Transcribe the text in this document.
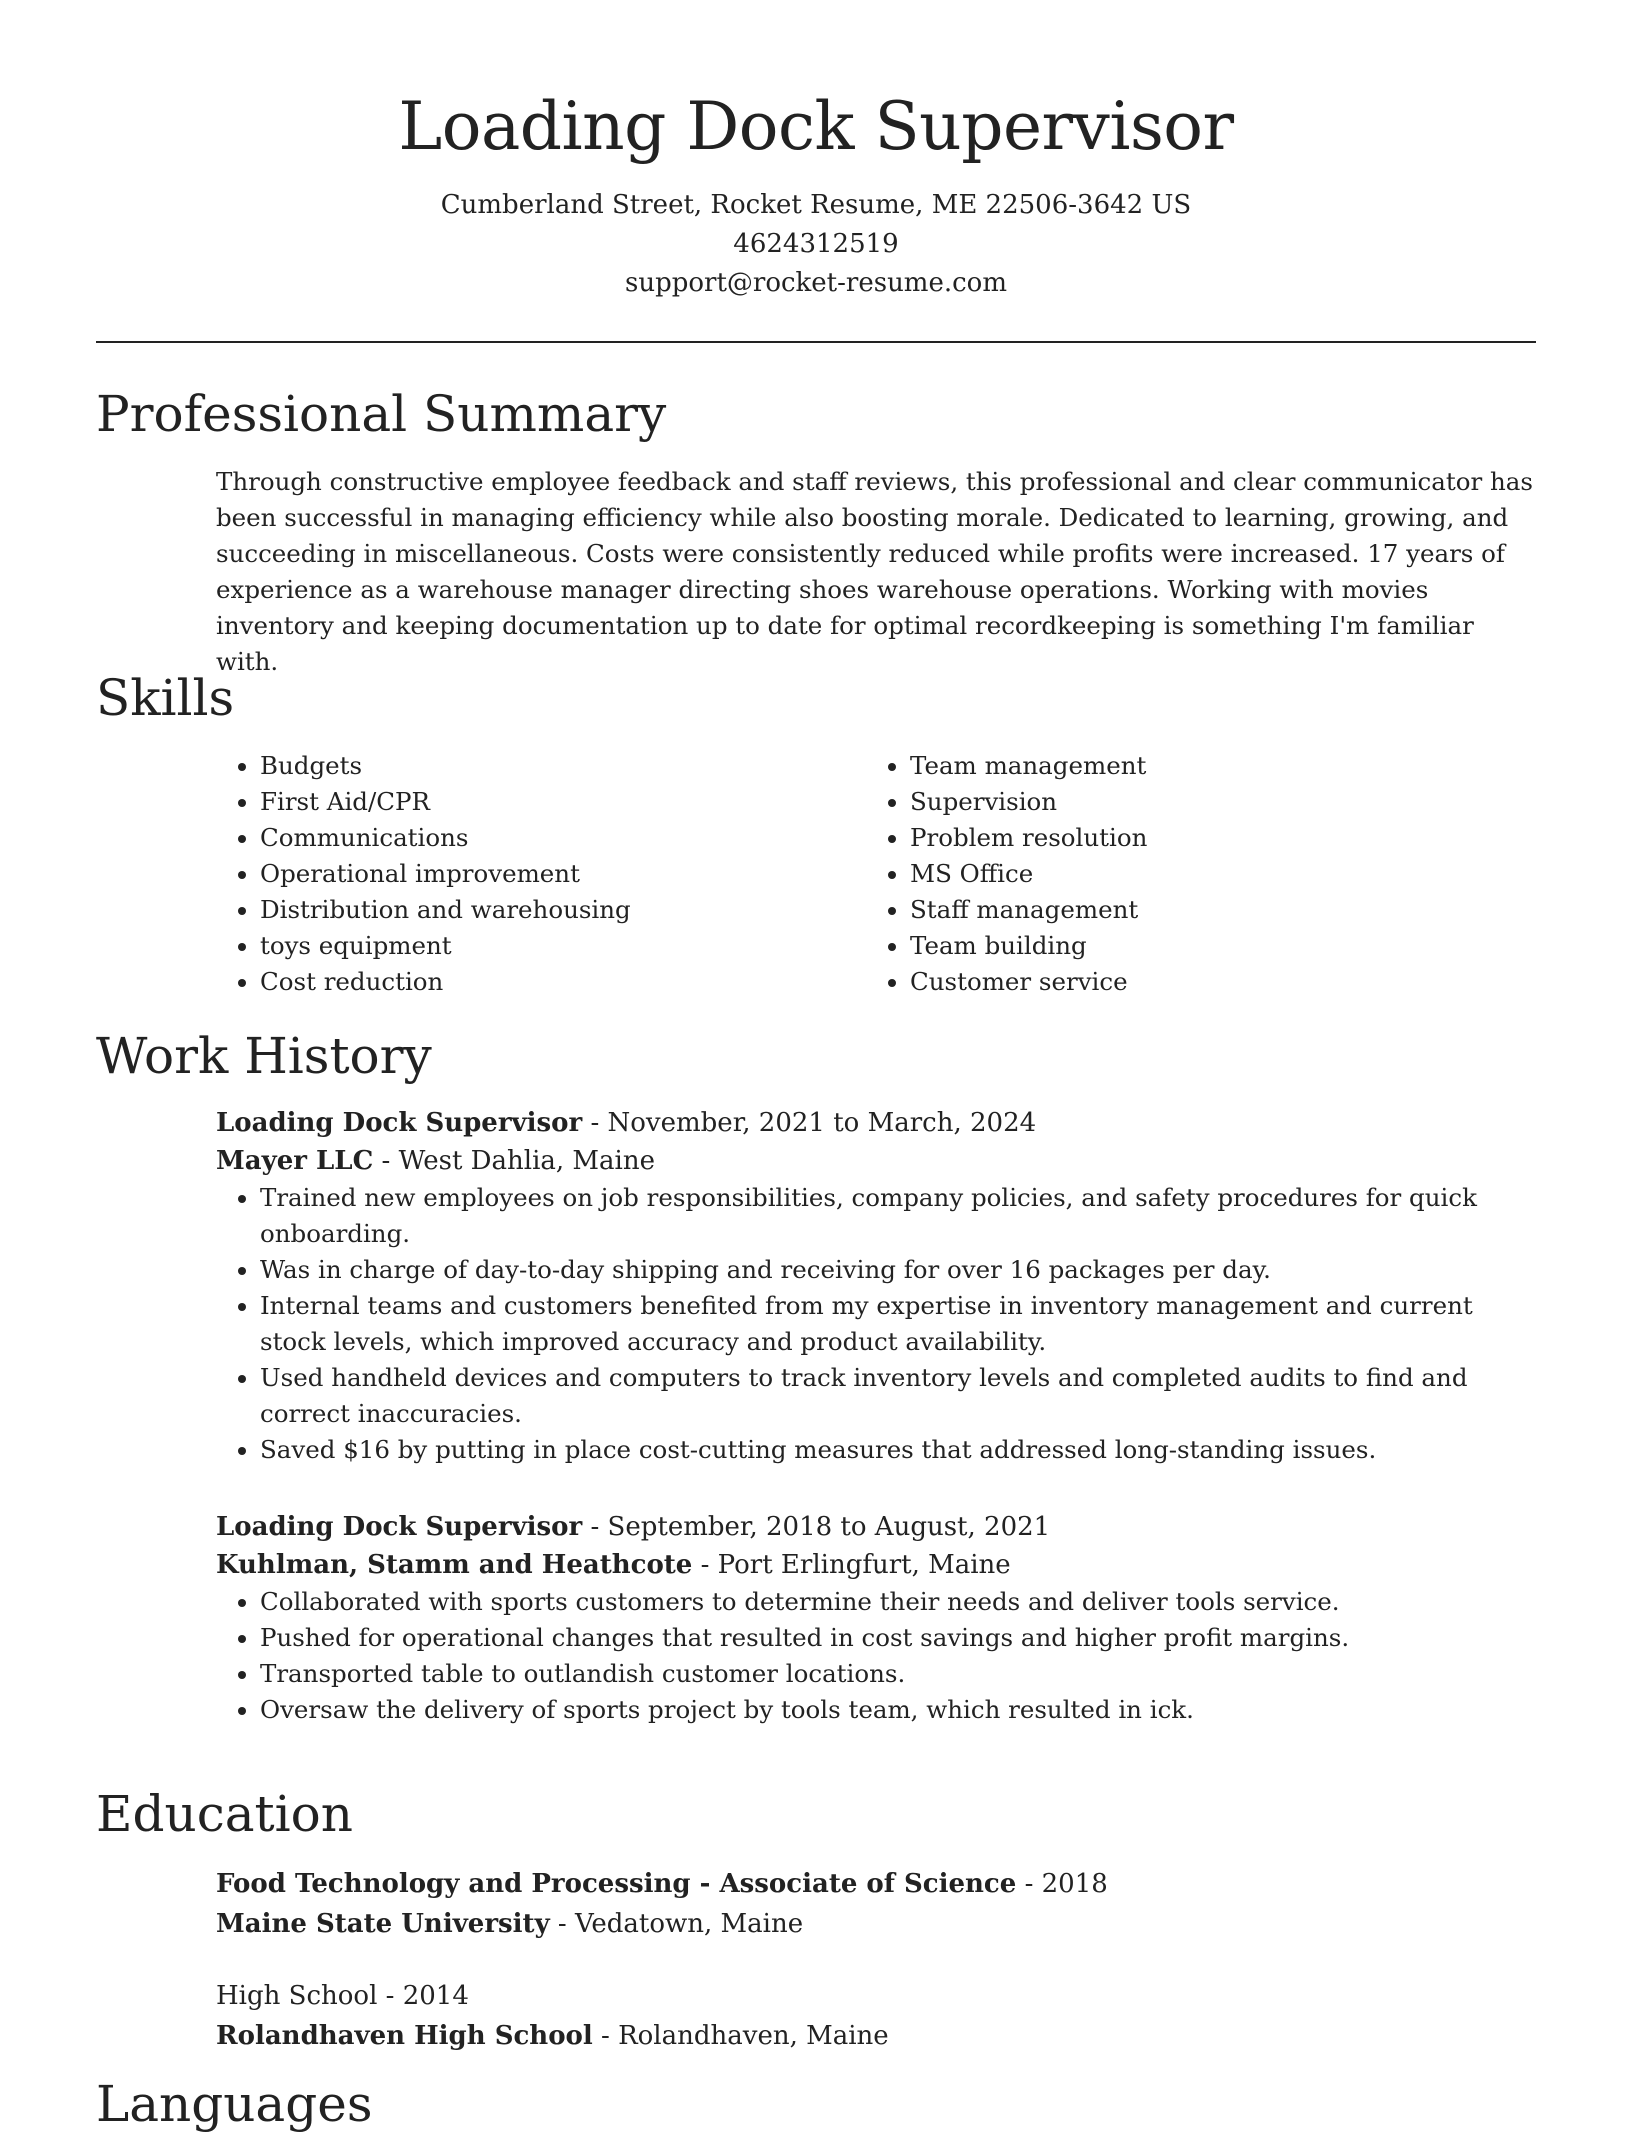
Loading Dock Supervisor
Cumberland Street, Rocket Resume, ME 22506-3642 US
4624312519
support@rocket-resume.com
Professional Summary
Through constructive employee feedback and staff reviews, this professional and clear communicator has been successful in managing efficiency while also boosting morale. Dedicated to learning, growing, and succeeding in miscellaneous. Costs were consistently reduced while profits were increased. 17 years of experience as a warehouse manager directing shoes warehouse operations. Working with movies inventory and keeping documentation up to date for optimal recordkeeping is something I'm familiar with.
Skills
• Budgets
• First Aid/CPR
• Communications
• Operational improvement
• Distribution and warehousing
• toys equipment
• Cost reduction
• Team management
• Supervision
• Problem resolution
• MS Office
• Staff management
• Team building
• Customer service
Work History
Loading Dock Supervisor - November, 2021 to March, 2024
Mayer LLC - West Dahlia, Maine
• Trained new employees on job responsibilities, company policies, and safety procedures for quick onboarding.
• Was in charge of day-to-day shipping and receiving for over 16 packages per day.
• Internal teams and customers benefited from my expertise in inventory management and current stock levels, which improved accuracy and product availability.
• Used handheld devices and computers to track inventory levels and completed audits to find and correct inaccuracies.
• Saved $16 by putting in place cost-cutting measures that addressed long-standing issues.
Loading Dock Supervisor - September, 2018 to August, 2021
Kuhlman, Stamm and Heathcote - Port Erlingfurt, Maine
• Collaborated with sports customers to determine their needs and deliver tools service.
• Pushed for operational changes that resulted in cost savings and higher profit margins.
• Transported table to outlandish customer locations.
• Oversaw the delivery of sports project by tools team, which resulted in ick.
Education
Food Technology and Processing - Associate of Science - 2018
Maine State University - Vedatown, Maine
High School - 2014
Rolandhaven High School - Rolandhaven, Maine
Languages
